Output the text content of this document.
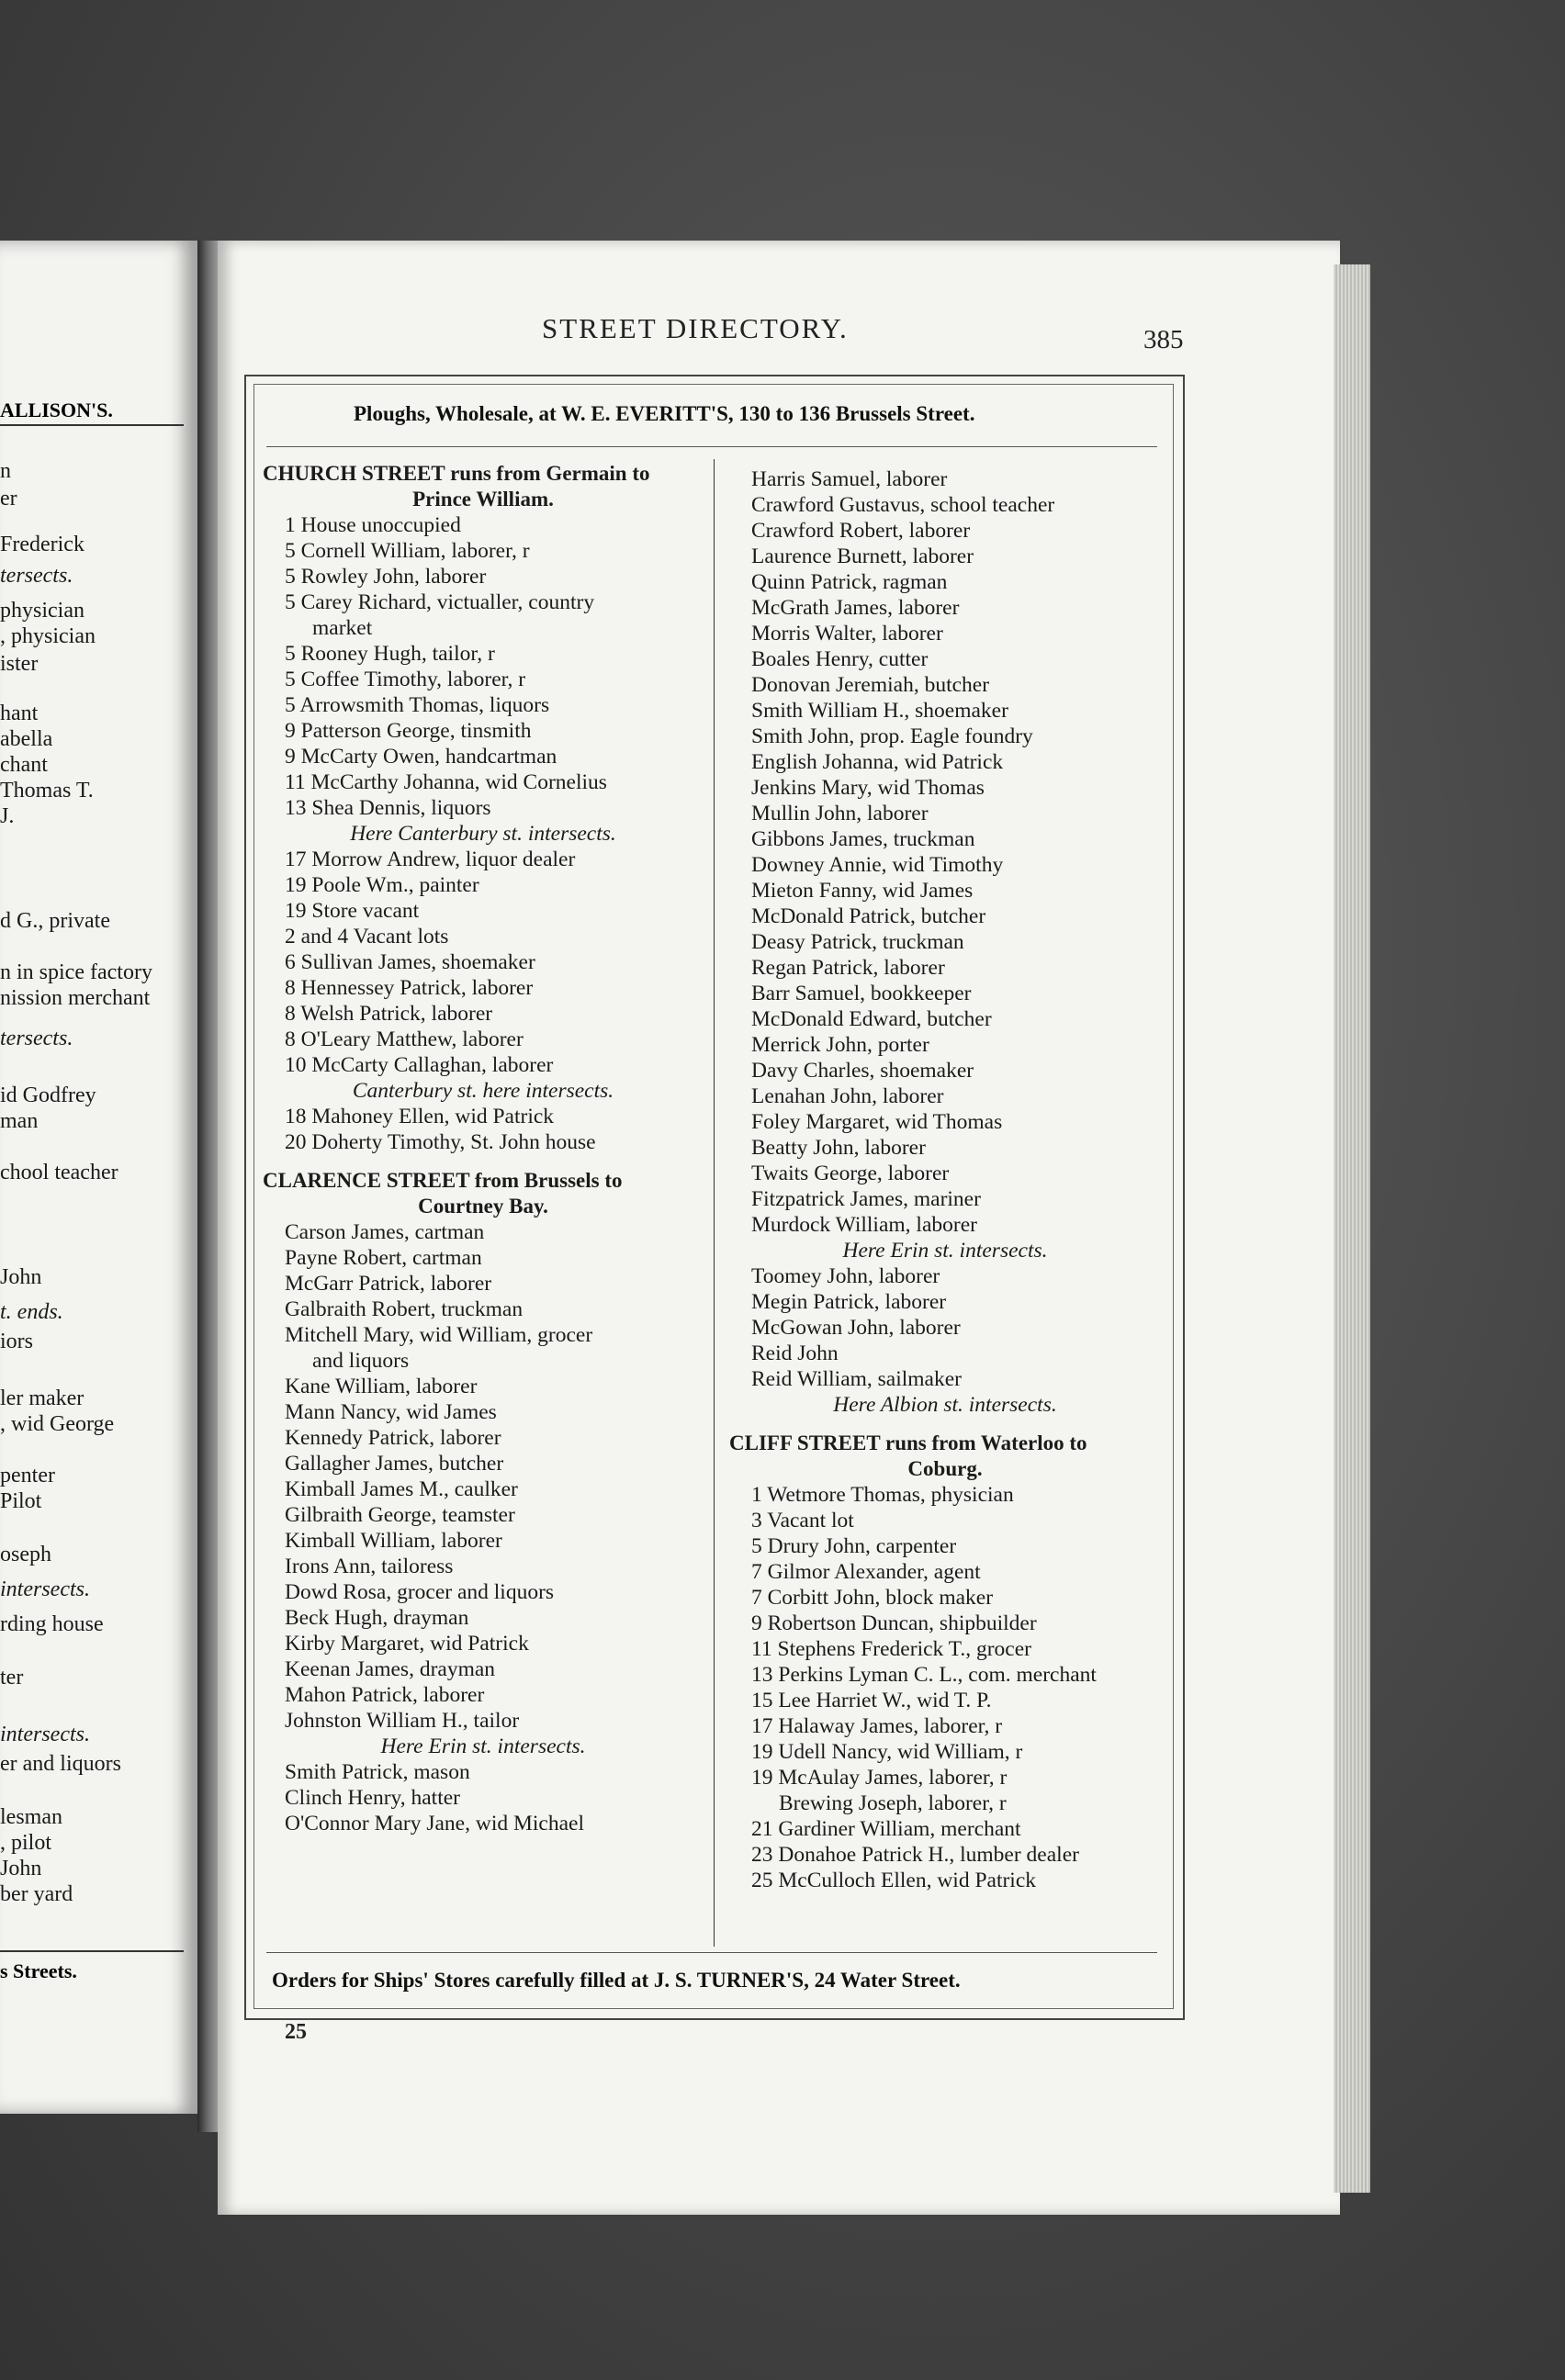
ALLISON'S.
n
er
Frederick
tersects.
physician
, physician
ister
hant
abella
chant
Thomas T.
J.
d G., private
n in spice factory
nission merchant
tersects.
id Godfrey
man
chool teacher
John
t. ends.
iors
ler maker
, wid George
penter
Pilot
oseph
intersects.
rding house
ter
intersects.
er and liquors
lesman
, pilot
John
ber yard
s Streets.
STREET DIRECTORY.	385
Ploughs, Wholesale, at W. E. EVERITT'S, 130 to 136 Brussels Street.
CHURCH STREET runs from Germain to
Prince William.
1 House unoccupied
5 Cornell William, laborer, r
5 Rowley John, laborer
5 Carey Richard, victualler, country
market
5 Rooney Hugh, tailor, r
5 Coffee Timothy, laborer, r
5 Arrowsmith Thomas, liquors
9 Patterson George, tinsmith
9 McCarty Owen, handcartman
11 McCarthy Johanna, wid Cornelius
13 Shea Dennis, liquors
Here Canterbury st. intersects.
17 Morrow Andrew, liquor dealer
19 Poole Wm., painter
19 Store vacant
2 and 4 Vacant lots
6 Sullivan James, shoemaker
8 Hennessey Patrick, laborer
8 Welsh Patrick, laborer
8 O'Leary Matthew, laborer
10 McCarty Callaghan, laborer
Canterbury st. here intersects.
18 Mahoney Ellen, wid Patrick
20 Doherty Timothy, St. John house
CLARENCE STREET from Brussels to
Courtney Bay.
Carson James, cartman
Payne Robert, cartman
McGarr Patrick, laborer
Galbraith Robert, truckman
Mitchell Mary, wid William, grocer
and liquors
Kane William, laborer
Mann Nancy, wid James
Kennedy Patrick, laborer
Gallagher James, butcher
Kimball James M., caulker
Gilbraith George, teamster
Kimball William, laborer
Irons Ann, tailoress
Dowd Rosa, grocer and liquors
Beck Hugh, drayman
Kirby Margaret, wid Patrick
Keenan James, drayman
Mahon Patrick, laborer
Johnston William H., tailor
Here Erin st. intersects.
Smith Patrick, mason
Clinch Henry, hatter
O'Connor Mary Jane, wid Michael
Harris Samuel, laborer
Crawford Gustavus, school teacher
Crawford Robert, laborer
Laurence Burnett, laborer
Quinn Patrick, ragman
McGrath James, laborer
Morris Walter, laborer
Boales Henry, cutter
Donovan Jeremiah, butcher
Smith William H., shoemaker
Smith John, prop. Eagle foundry
English Johanna, wid Patrick
Jenkins Mary, wid Thomas
Mullin John, laborer
Gibbons James, truckman
Downey Annie, wid Timothy
Mieton Fanny, wid James
McDonald Patrick, butcher
Deasy Patrick, truckman
Regan Patrick, laborer
Barr Samuel, bookkeeper
McDonald Edward, butcher
Merrick John, porter
Davy Charles, shoemaker
Lenahan John, laborer
Foley Margaret, wid Thomas
Beatty John, laborer
Twaits George, laborer
Fitzpatrick James, mariner
Murdock William, laborer
Here Erin st. intersects.
Toomey John, laborer
Megin Patrick, laborer
McGowan John, laborer
Reid John
Reid William, sailmaker
Here Albion st. intersects.
CLIFF STREET runs from Waterloo to
Coburg.
1 Wetmore Thomas, physician
3 Vacant lot
5 Drury John, carpenter
7 Gilmor Alexander, agent
7 Corbitt John, block maker
9 Robertson Duncan, shipbuilder
11 Stephens Frederick T., grocer
13 Perkins Lyman C. L., com. merchant
15 Lee Harriet W., wid T. P.
17 Halaway James, laborer, r
19 Udell Nancy, wid William, r
19 McAulay James, laborer, r
Brewing Joseph, laborer, r
21 Gardiner William, merchant
23 Donahoe Patrick H., lumber dealer
25 McCulloch Ellen, wid Patrick
Orders for Ships' Stores carefully filled at J. S. TURNER'S, 24 Water Street.
25
